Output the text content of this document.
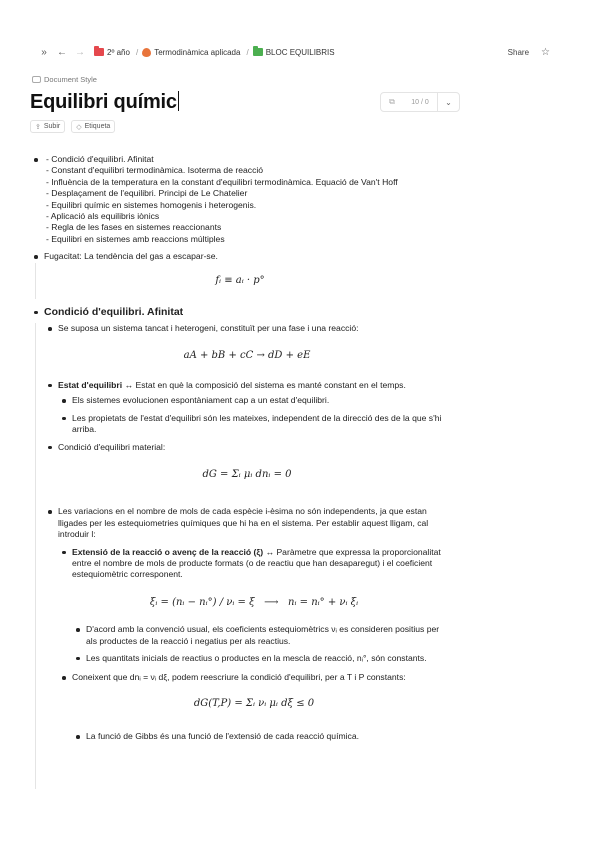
»	← →	2º año / Termodinàmica aplicada / BLOC EQUILIBRIS	Share ☆
Document Style
Equilibri químic	⧉	10 / 0	⌄
⇪ Subir ◇ Etiqueta
- Condició d'equilibri. Afinitat
- Constant d'equilibri termodinàmica. Isoterma de reacció
- Influència de la temperatura en la constant d'equilibri termodinàmica. Equació de Van't Hoff
- Desplaçament de l'equilibri. Principi de Le Chatelier
- Equilibri químic en sistemes homogenis i heterogenis.
- Aplicació als equilibris iònics
- Regla de les fases en sistemes reaccionants
- Equilibri en sistemes amb reaccions múltiples
Fugacitat: La tendència del gas a escapar-se.
fᵢ ≡ aᵢ · p°
Condició d'equilibri. Afinitat
Se suposa un sistema tancat i heterogeni, constituït per una fase i una reacció:
aA + bB + cC → dD + eE
Estat d'equilibri ↔ Estat en què la composició del sistema es manté constant en el temps.
Els sistemes evolucionen espontàniament cap a un estat d'equilibri.
Les propietats de l'estat d'equilibri són les mateixes, independent de la direcció des de la que s'hi arriba.
Condició d'equilibri material:
dG = Σᵢ μᵢ dnᵢ = 0
Les variacions en el nombre de mols de cada espècie i-èsima no són independents, ja que estan lligades per les estequiometries químiques que hi ha en el sistema. Per establir aquest lligam, cal introduir l:
Extensió de la reacció o avenç de la reacció (ξ) ↔ Paràmetre que expressa la proporcionalitat entre el nombre de mols de producte formats (o de reactiu que han desaparegut) i el coeficient estequiomètric corresponent.
ξᵢ = (nᵢ − nᵢ°) / νᵢ = ξ ⟶ nᵢ = nᵢ° + νᵢ ξᵢ
D'acord amb la convenció usual, els coeficients estequiomètrics νᵢ es consideren positius per als productes de la reacció i negatius per als reactius.
Les quantitats inicials de reactius o productes en la mescla de reacció, nᵢ°, són constants.
Coneixent que dnᵢ = νᵢ dξ, podem reescriure la condició d'equilibri, per a T i P constants:
dG(T,P) = Σᵢ νᵢ μᵢ dξ ≤ 0
La funció de Gibbs és una funció de l'extensió de cada reacció química.
